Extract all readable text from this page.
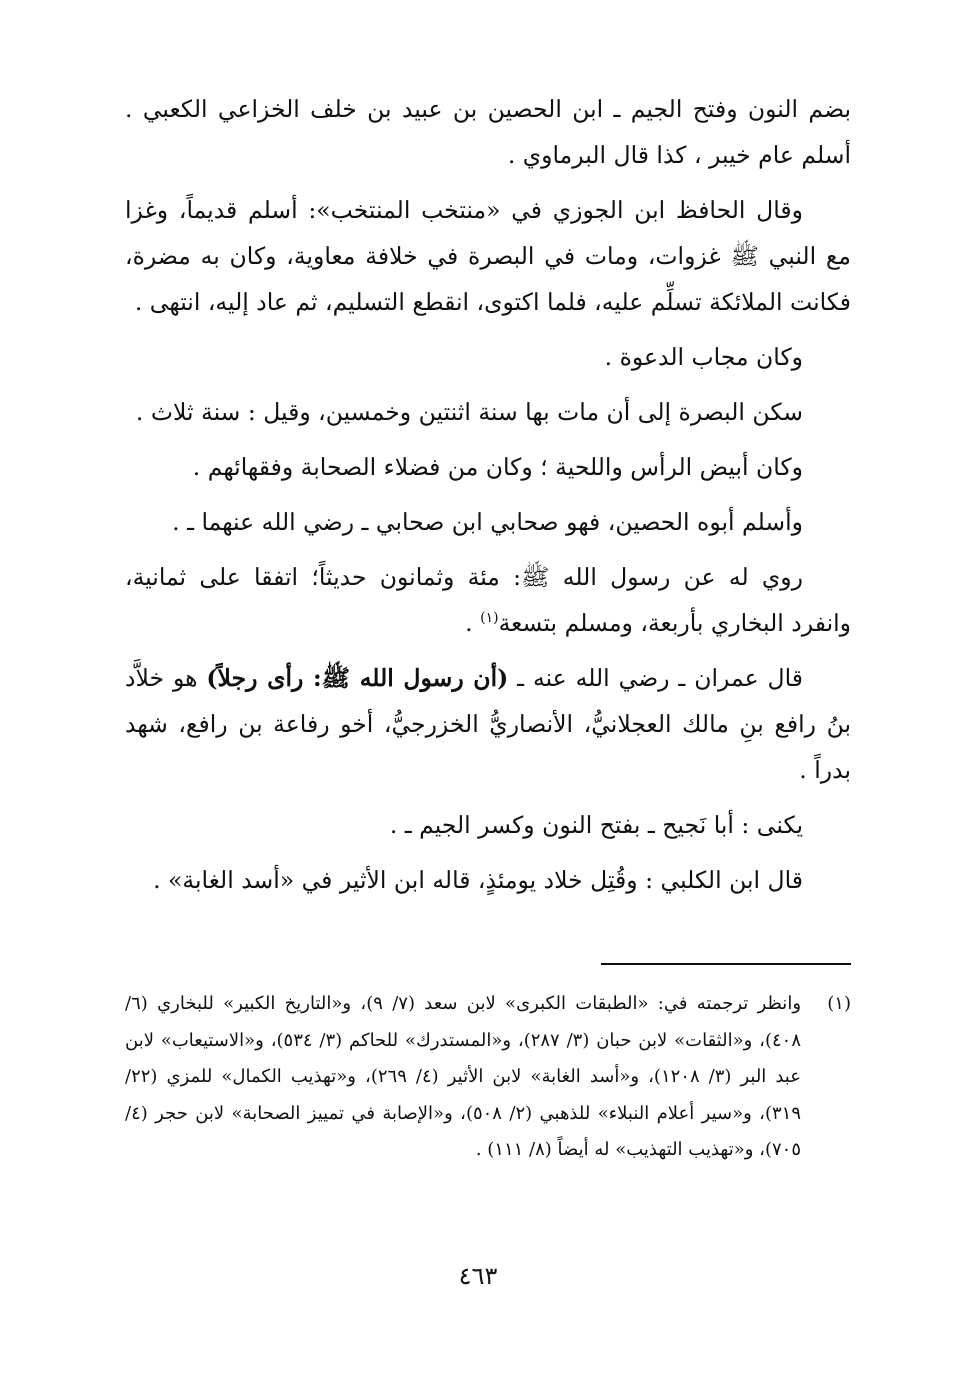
بضم النون وفتح الجيم ـ ابن الحصين بن عبيد بن خلف الخزاعي الكعبي . أسلم عام خيبر ، كذا قال البرماوي .

وقال الحافظ ابن الجوزي في «منتخب المنتخب»: أسلم قديماً، وغزا مع النبي ﷺ غزوات، ومات في البصرة في خلافة معاوية، وكان به مضرة، فكانت الملائكة تسلِّم عليه، فلما اكتوى، انقطع التسليم، ثم عاد إليه، انتهى .

وكان مجاب الدعوة .

سكن البصرة إلى أن مات بها سنة اثنتين وخمسين، وقيل : سنة ثلاث .

وكان أبيض الرأس واللحية ؛ وكان من فضلاء الصحابة وفقهائهم .

وأسلم أبوه الحصين، فهو صحابي ابن صحابي ـ رضي الله عنهما ـ .

روي له عن رسول الله ﷺ: مئة وثمانون حديثاً؛ اتفقا على ثمانية، وانفرد البخاري بأربعة، ومسلم بتسعة$^{(١)}$ .

قال عمران ـ رضي الله عنه ـ (أن رسول الله ﷺ: رأى رجلاً) هو خلاَّد بنُ رافع بنِ مالك العجلانيُّ، الأنصاريُّ الخزرجيُّ، أخو رفاعة بن رافع، شهد بدراً .

يكنى : أبا نَجيح ـ بفتح النون وكسر الجيم ـ .

قال ابن الكلبي : وقُتِل خلاد يومئذٍ، قاله ابن الأثير في «أسد الغابة» .

(١)
وانظر ترجمته في: «الطبقات الكبرى» لابن سعد (٧/ ٩)، و«التاريخ الكبير» للبخاري (٦/ ٤٠٨)، و«الثقات» لابن حبان (٣/ ٢٨٧)، و«المستدرك» للحاكم (٣/ ٥٣٤)، و«الاستيعاب» لابن عبد البر (٣/ ١٢٠٨)، و«أسد الغابة» لابن الأثير (٤/ ٢٦٩)، و«تهذيب الكمال» للمزي (٢٢/ ٣١٩)، و«سير أعلام النبلاء» للذهبي (٢/ ٥٠٨)، و«الإصابة في تمييز الصحابة» لابن حجر (٤/ ٧٠٥)، و«تهذيب التهذيب» له أيضاً (٨/ ١١١) .
٤٦٣
